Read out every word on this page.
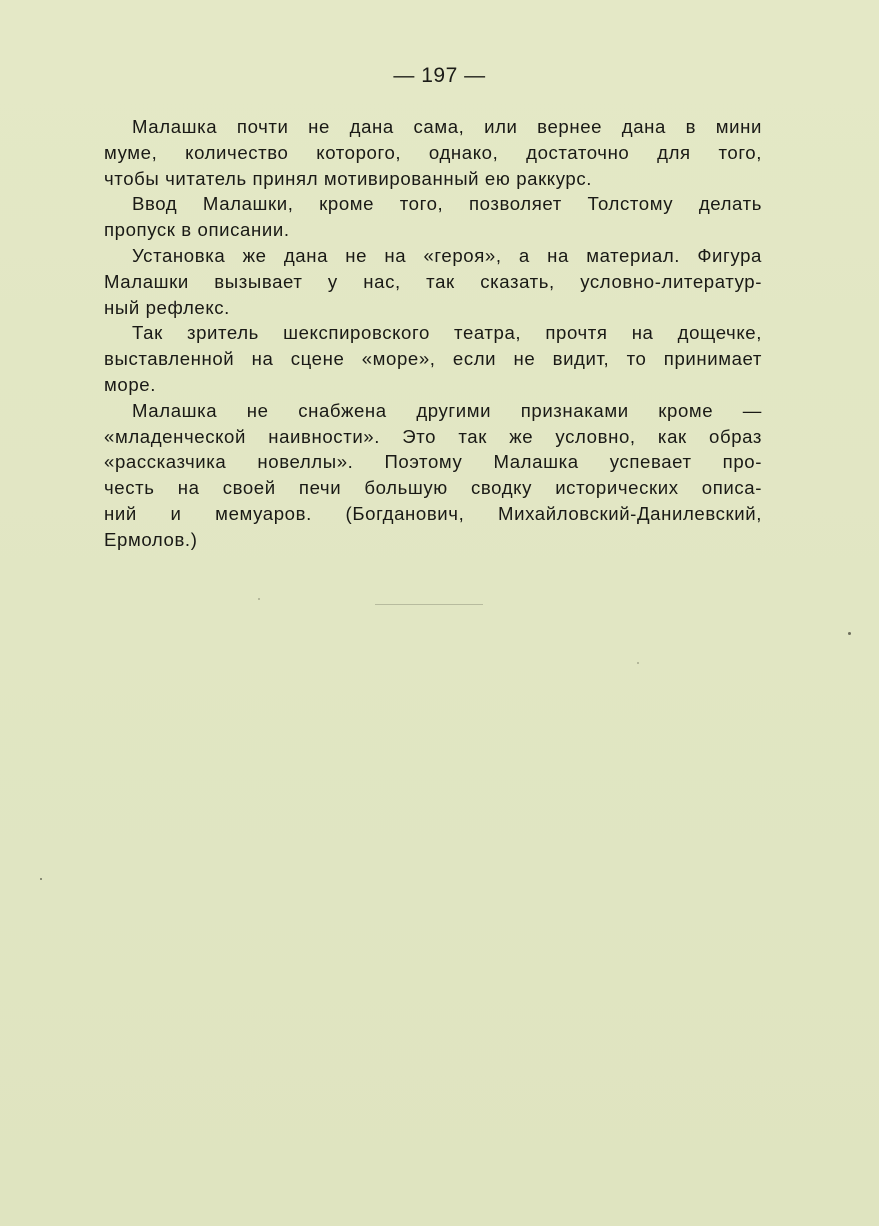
— 197 —
Малашка почти не дана сама, или вернее дана в мини
муме, количество которого, однако, достаточно для того,
чтобы читатель принял мотивированный ею раккурс.
Ввод Малашки, кроме того, позволяет Толстому делать
пропуск в описании.
Установка же дана не на «героя», а на материал. Фигура
Малашки вызывает у нас, так сказать, условно-литератур-
ный рефлекс.
Так зритель шекспировского театра, прочтя на дощечке,
выставленной на сцене «море», если не видит, то принимает
море.
Малашка не снабжена другими признаками кроме —
«младенческой наивности». Это так же условно, как образ
«рассказчика новеллы». Поэтому Малашка успевает про-
честь на своей печи большую сводку исторических описа-
ний и мемуаров. (Богданович, Михайловский-Данилевский,
Ермолов.)
